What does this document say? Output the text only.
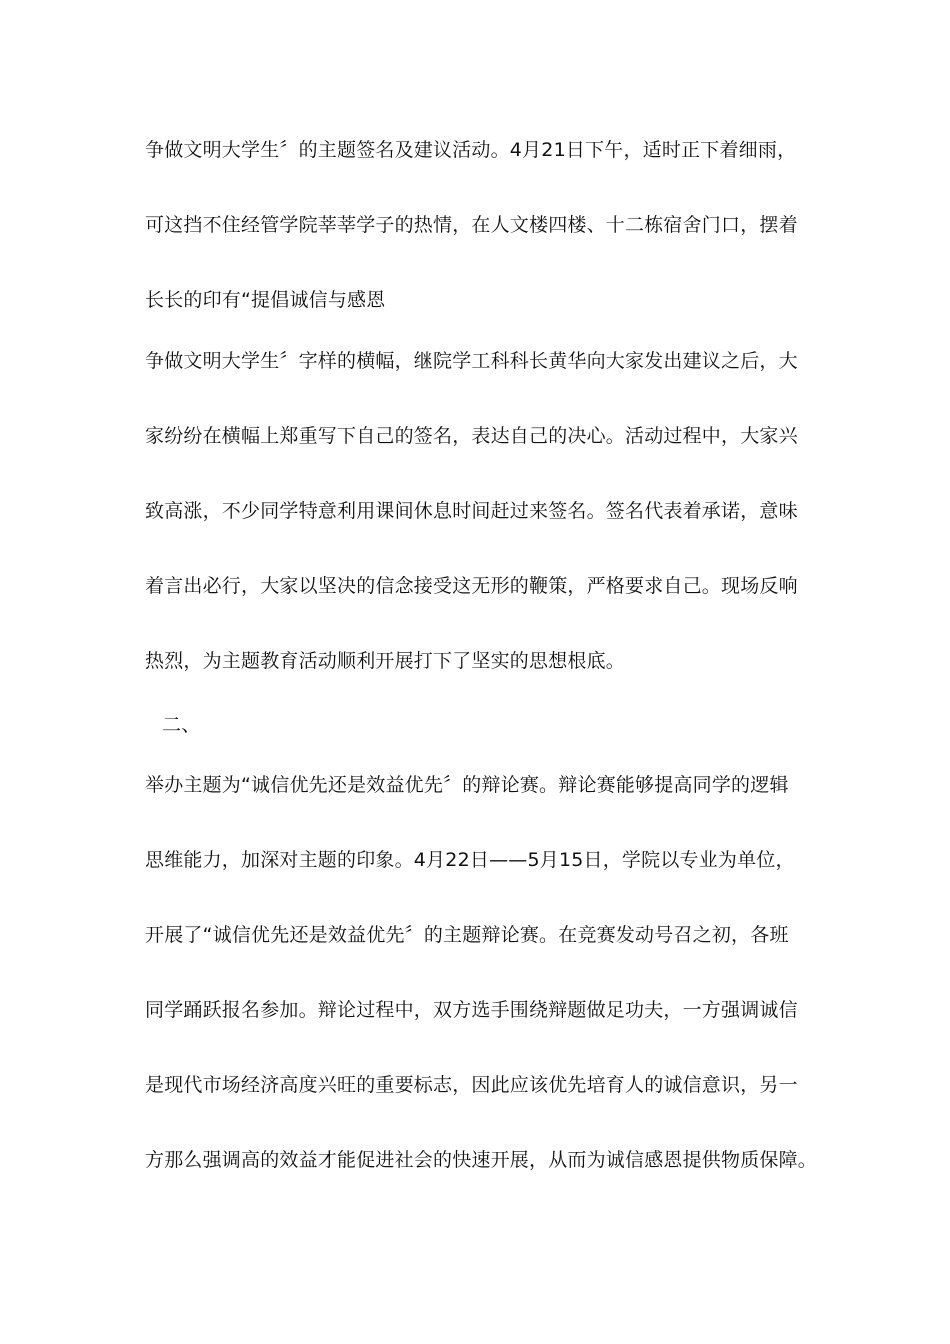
争做文明大学生〞的主题签名及建议活动。4月21日下午，适时正下着细雨，

可这挡不住经管学院莘莘学子的热情，在人文楼四楼、十二栋宿舍门口，摆着

长长的印有“提倡诚信与感恩

争做文明大学生〞字样的横幅，继院学工科科长黄华向大家发出建议之后，大

家纷纷在横幅上郑重写下自己的签名，表达自己的决心。活动过程中，大家兴

致高涨，不少同学特意利用课间休息时间赶过来签名。签名代表着承诺，意味

着言出必行，大家以坚决的信念接受这无形的鞭策，严格要求自己。现场反响

热烈，为主题教育活动顺利开展打下了坚实的思想根底。

二、

举办主题为“诚信优先还是效益优先〞的辩论赛。辩论赛能够提高同学的逻辑

思维能力，加深对主题的印象。4月22日——5月15日，学院以专业为单位，

开展了“诚信优先还是效益优先〞的主题辩论赛。在竞赛发动号召之初，各班

同学踊跃报名参加。辩论过程中，双方选手围绕辩题做足功夫，一方强调诚信

是现代市场经济高度兴旺的重要标志，因此应该优先培育人的诚信意识，另一

方那么强调高的效益才能促进社会的快速开展，从而为诚信感恩提供物质保障。
